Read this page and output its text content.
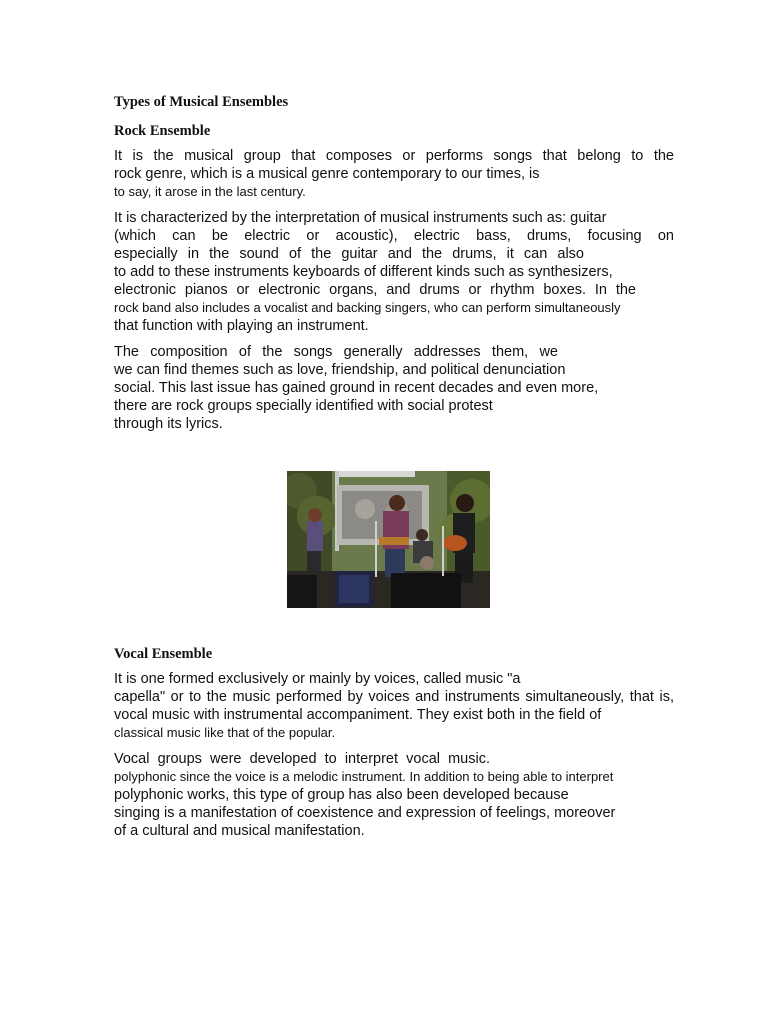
Types of Musical Ensembles
Rock Ensemble

It is the musical group that composes or performs songs that belong to the
rock genre, which is a musical genre contemporary to our times, is
to say, it arose in the last century.

It is characterized by the interpretation of musical instruments such as: guitar
(which can be electric or acoustic), electric bass, drums, focusing on
especially in the sound of the guitar and the drums, it can also
to add to these instruments keyboards of different kinds such as synthesizers,
electronic pianos or electronic organs, and drums or rhythm boxes. In the
rock band also includes a vocalist and backing singers, who can perform simultaneously
that function with playing an instrument.

The composition of the songs generally addresses them, we
we can find themes such as love, friendship, and political denunciation
social. This last issue has gained ground in recent decades and even more,
there are rock groups specially identified with social protest
through its lyrics.

Vocal Ensemble

It is one formed exclusively or mainly by voices, called music "a
capella" or to the music performed by voices and instruments simultaneously, that is,
vocal music with instrumental accompaniment. They exist both in the field of
classical music like that of the popular.

Vocal groups were developed to interpret vocal music.
polyphonic since the voice is a melodic instrument. In addition to being able to interpret
polyphonic works, this type of group has also been developed because
singing is a manifestation of coexistence and expression of feelings, moreover
of a cultural and musical manifestation.
